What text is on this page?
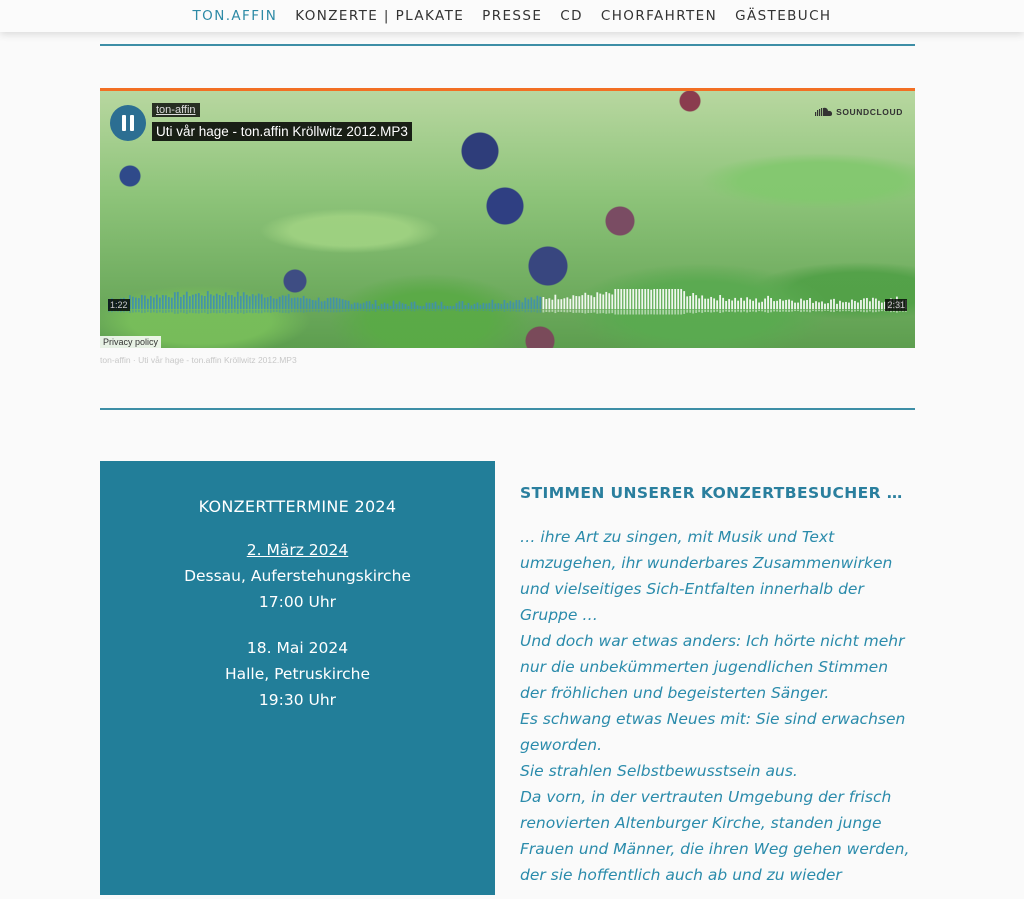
TON.AFFIN KONZERTE | PLAKATE PRESSE CD CHORFAHRTEN GÄSTEBUCH
ton-affin
Uti vår hage - ton.affin Kröllwitz 2012.MP3
SOUNDCLOUD
1:22	2:31
Privacy policy
ton-affin · Uti vår hage - ton.affin Kröllwitz 2012.MP3
KONZERTTERMINE 2024
2. März 2024
Dessau, Auferstehungskirche
17:00 Uhr
18. Mai 2024
Halle, Petruskirche
19:30 Uhr
STIMMEN UNSERER KONZERTBESUCHER …
… ihre Art zu singen, mit Musik und Text
umzugehen, ihr wunderbares Zusammenwirken
und vielseitiges Sich-Entfalten innerhalb der
Gruppe …
Und doch war etwas anders: Ich hörte nicht mehr
nur die unbekümmerten jugendlichen Stimmen
der fröhlichen und begeisterten Sänger.
Es schwang etwas Neues mit: Sie sind erwachsen
geworden.
Sie strahlen Selbstbewusstsein aus.
Da vorn, in der vertrauten Umgebung der frisch
renovierten Altenburger Kirche, standen junge
Frauen und Männer, die ihren Weg gehen werden,
der sie hoffentlich auch ab und zu wieder
